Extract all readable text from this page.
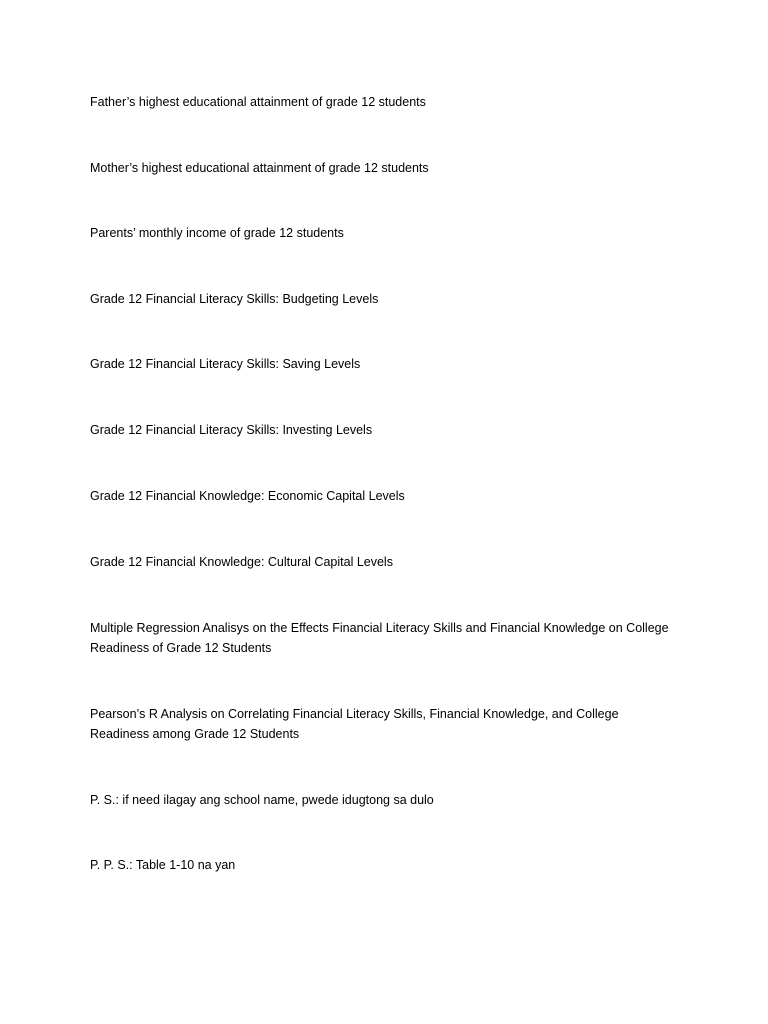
Father’s highest educational attainment of grade 12 students

Mother’s highest educational attainment of grade 12 students

Parents’ monthly income of grade 12 students

Grade 12 Financial Literacy Skills: Budgeting Levels

Grade 12 Financial Literacy Skills: Saving Levels

Grade 12 Financial Literacy Skills: Investing Levels

Grade 12 Financial Knowledge: Economic Capital Levels

Grade 12 Financial Knowledge: Cultural Capital Levels

Multiple Regression Analisys on the Effects Financial Literacy Skills and Financial Knowledge on College Readiness of Grade 12 Students

Pearson’s R Analysis on Correlating Financial Literacy Skills, Financial Knowledge, and College Readiness among Grade 12 Students

P. S.: if need ilagay ang school name, pwede idugtong sa dulo

P. P. S.: Table 1-10 na yan
